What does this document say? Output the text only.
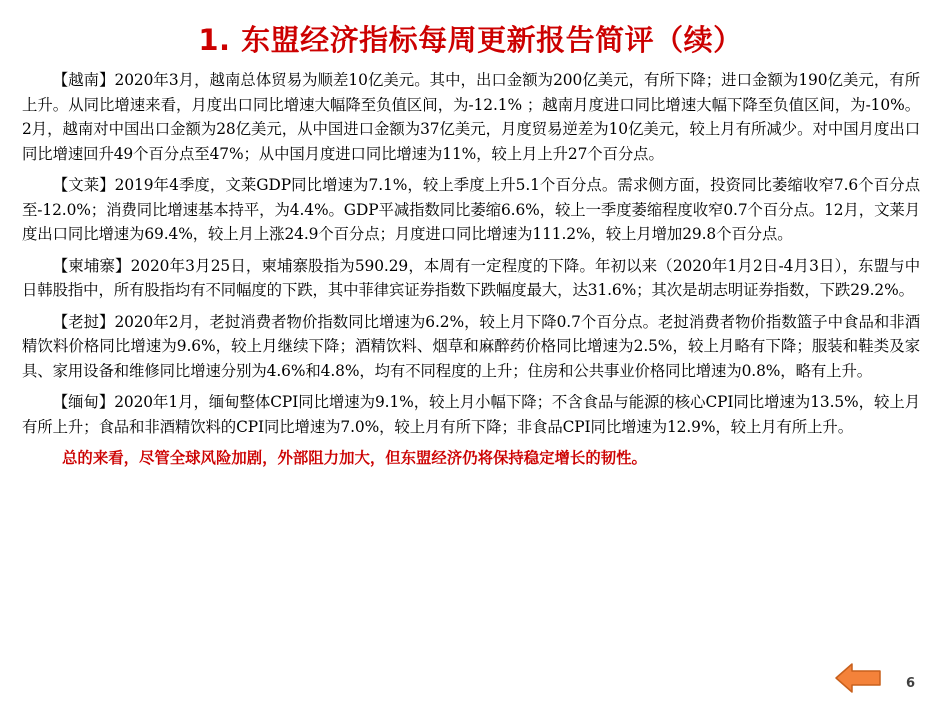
1. 东盟经济指标每周更新报告简评（续）

【越南】2020年3月，越南总体贸易为顺差10亿美元。其中，出口金额为200亿美元，有所下降；进口金额为190亿美元，有所上升。从同比增速来看，月度出口同比增速大幅降至负值区间，为-12.1% ；越南月度进口同比增速大幅下降至负值区间，为-10%。2月，越南对中国出口金额为28亿美元，从中国进口金额为37亿美元，月度贸易逆差为10亿美元，较上月有所减少。对中国月度出口同比增速回升49个百分点至47%；从中国月度进口同比增速为11%，较上月上升27个百分点。

【文莱】2019年4季度，文莱GDP同比增速为7.1%，较上季度上升5.1个百分点。需求侧方面，投资同比萎缩收窄7.6个百分点至-12.0%；消费同比增速基本持平，为4.4%。GDP平减指数同比萎缩6.6%，较上一季度萎缩程度收窄0.7个百分点。12月，文莱月度出口同比增速为69.4%，较上月上涨24.9个百分点；月度进口同比增速为111.2%，较上月增加29.8个百分点。

【柬埔寨】2020年3月25日，柬埔寨股指为590.29，本周有一定程度的下降。年初以来（2020年1月2日-4月3日），东盟与中日韩股指中，所有股指均有不同幅度的下跌，其中菲律宾证券指数下跌幅度最大，达31.6%；其次是胡志明证券指数，下跌29.2%。

【老挝】2020年2月，老挝消费者物价指数同比增速为6.2%，较上月下降0.7个百分点。老挝消费者物价指数篮子中食品和非酒精饮料价格同比增速为9.6%，较上月继续下降；酒精饮料、烟草和麻醉药价格同比增速为2.5%，较上月略有下降；服装和鞋类及家具、家用设备和维修同比增速分别为4.6%和4.8%，均有不同程度的上升；住房和公共事业价格同比增速为0.8%，略有上升。

【缅甸】2020年1月，缅甸整体CPI同比增速为9.1%，较上月小幅下降；不含食品与能源的核心CPI同比增速为13.5%，较上月有所上升；食品和非酒精饮料的CPI同比增速为7.0%，较上月有所下降；非食品CPI同比增速为12.9%，较上月有所上升。

总的来看，尽管全球风险加剧，外部阻力加大，但东盟经济仍将保持稳定增长的韧性。

6
